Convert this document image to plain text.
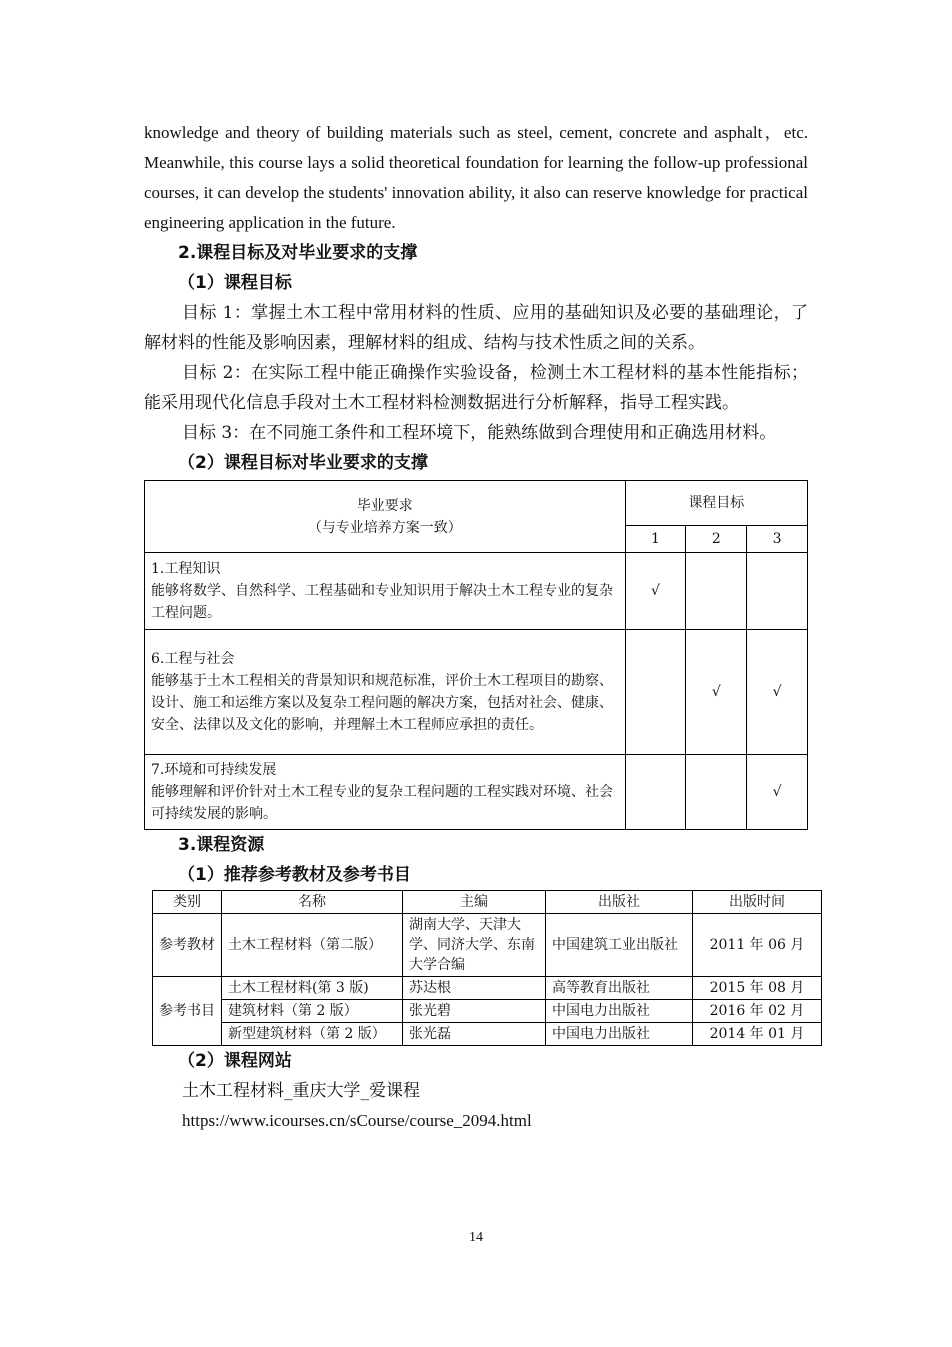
knowledge and theory of building materials such as steel, cement, concrete and asphalt，etc. Meanwhile, this course lays a solid theoretical foundation for learning the follow-up professional courses, it can develop the students' innovation ability, it also can reserve knowledge for practical engineering application in the future.

2.课程目标及对毕业要求的支撑

（1）课程目标

目标 1：掌握土木工程中常用材料的性质、应用的基础知识及必要的基础理论，了解材料的性能及影响因素，理解材料的组成、结构与技术性质之间的关系。

目标 2：在实际工程中能正确操作实验设备，检测土木工程材料的基本性能指标；能采用现代化信息手段对土木工程材料检测数据进行分析解释，指导工程实践。

目标 3：在不同施工条件和工程环境下，能熟练做到合理使用和正确选用材料。

（2）课程目标对毕业要求的支撑

毕业要求
（与专业培养方案一致）	课程目标		
	1	2	3

1.工程知识
能够将数学、自然科学、工程基础和专业知识用于解决土木工程专业的复杂工程问题。	√		

6.工程与社会
能够基于土木工程相关的背景知识和规范标准，评价土木工程项目的勘察、设计、施工和运维方案以及复杂工程问题的解决方案，包括对社会、健康、安全、法律以及文化的影响，并理解土木工程师应承担的责任。		√	√

7.环境和可持续发展
能够理解和评价针对土木工程专业的复杂工程问题的工程实践对环境、社会可持续发展的影响。			√

3.课程资源

（1）推荐参考教材及参考书目

类别	名称	主编	出版社	出版时间
参考教材	土木工程材料（第二版）	湖南大学、天津大学、同济大学、东南大学合编	中国建筑工业出版社	2011 年 06 月
参考书目	土木工程材料(第 3 版)	苏达根	高等教育出版社	2015 年 08 月
	建筑材料（第 2 版）	张光碧	中国电力出版社	2016 年 02 月
	新型建筑材料（第 2 版）	张光磊	中国电力出版社	2014 年 01 月

（2）课程网站

土木工程材料_重庆大学_爱课程

https://www.icourses.cn/sCourse/course_2094.html

14
